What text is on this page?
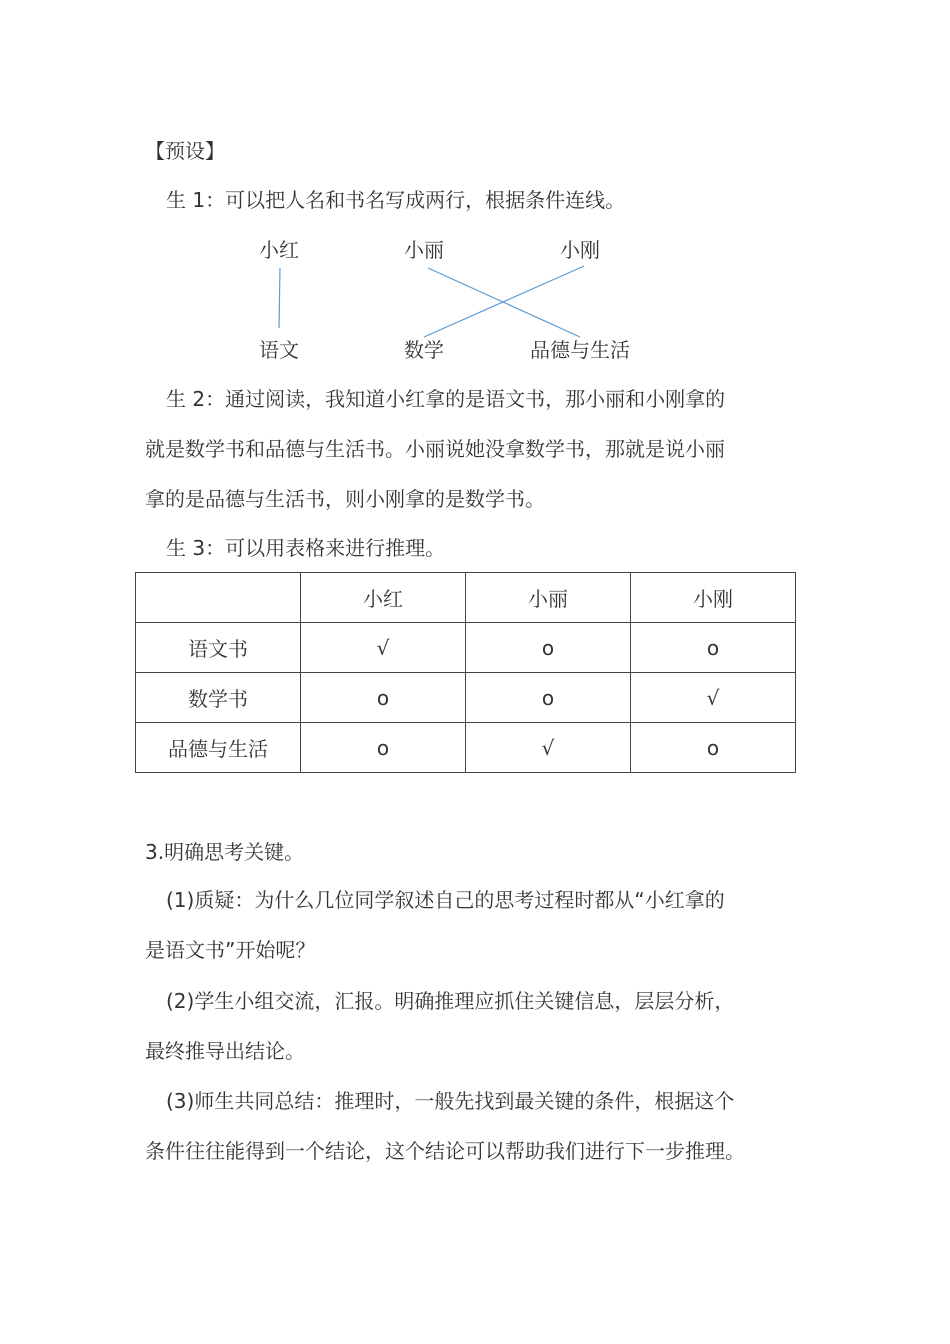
【预设】
生 1：可以把人名和书名写成两行，根据条件连线。
小红	小丽	小刚
语文	数学	品德与生活
生 2：通过阅读，我知道小红拿的是语文书，那小丽和小刚拿的
就是数学书和品德与生活书。小丽说她没拿数学书，那就是说小丽
拿的是品德与生活书，则小刚拿的是数学书。
生 3：可以用表格来进行推理。
	小红	小丽	小刚
语文书	√	o	o
数学书	o	o	√
品德与生活	o	√	o
3.明确思考关键。
(1)质疑：为什么几位同学叙述自己的思考过程时都从“小红拿的
是语文书”开始呢？
(2)学生小组交流，汇报。明确推理应抓住关键信息，层层分析，
最终推导出结论。
(3)师生共同总结：推理时，一般先找到最关键的条件，根据这个
条件往往能得到一个结论，这个结论可以帮助我们进行下一步推理。
